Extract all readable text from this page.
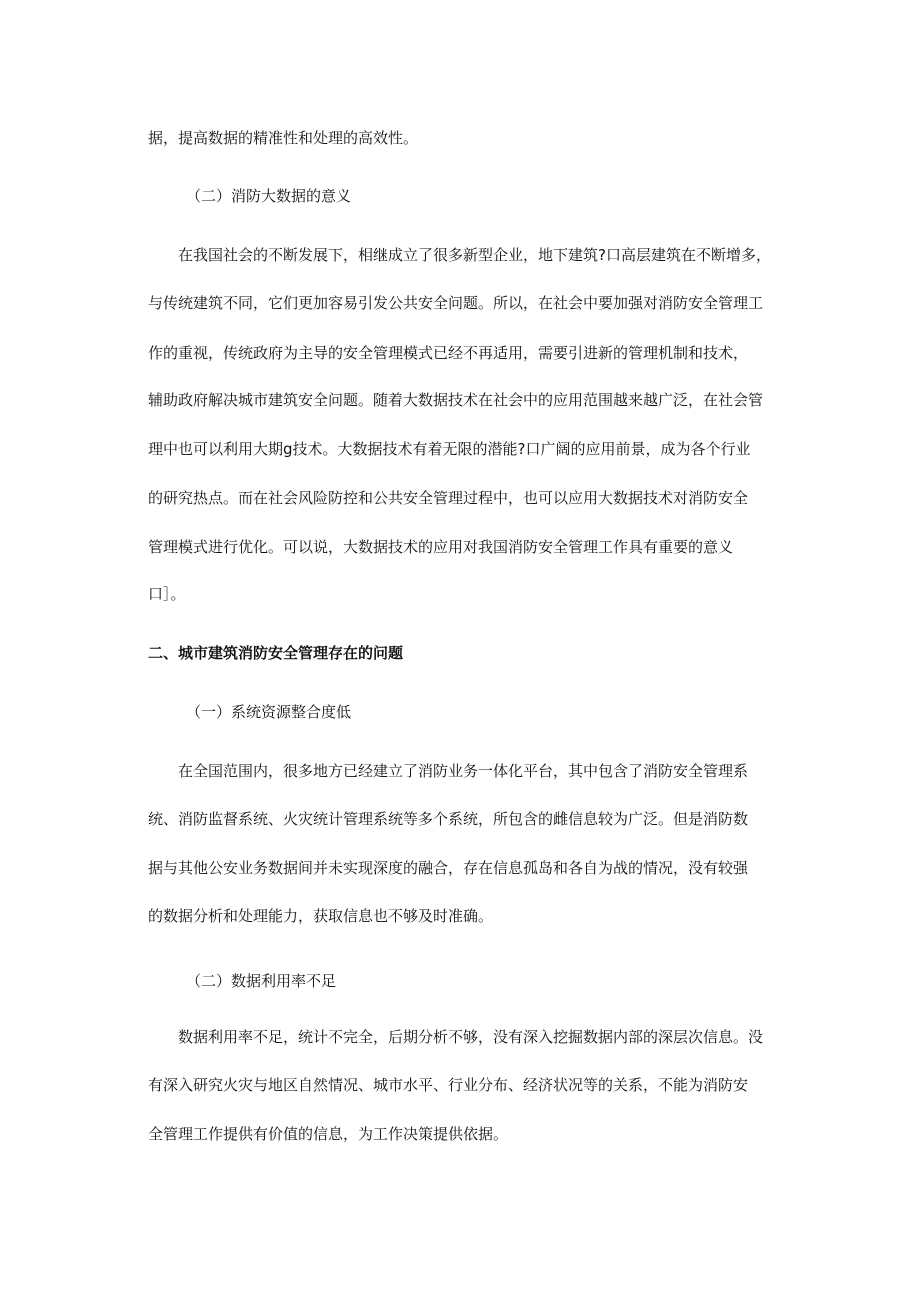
据，提高数据的精准性和处理的高效性。
（二）消防大数据的意义
在我国社会的不断发展下，相继成立了很多新型企业，地下建筑?口高层建筑在不断增多，
与传统建筑不同，它们更加容易引发公共安全问题。所以，在社会中要加强对消防安全管理工
作的重视，传统政府为主导的安全管理模式已经不再适用，需要引进新的管理机制和技术，
辅助政府解决城市建筑安全问题。随着大数据技术在社会中的应用范围越来越广泛，在社会管
理中也可以利用大期g技术。大数据技术有着无限的潜能?口广阔的应用前景，成为各个行业
的研究热点。而在社会风险防控和公共安全管理过程中，也可以应用大数据技术对消防安全
管理模式进行优化。可以说，大数据技术的应用对我国消防安全管理工作具有重要的意义
口］。
二、城市建筑消防安全管理存在的问题
（一）系统资源整合度低
在全国范围内，很多地方已经建立了消防业务一体化平台，其中包含了消防安全管理系
统、消防监督系统、火灾统计管理系统等多个系统，所包含的雌信息较为广泛。但是消防数
据与其他公安业务数据间并未实现深度的融合，存在信息孤岛和各自为战的情况，没有较强
的数据分析和处理能力，获取信息也不够及时准确。
（二）数据利用率不足
数据利用率不足，统计不完全，后期分析不够，没有深入挖掘数据内部的深层次信息。没
有深入研究火灾与地区自然情况、城市水平、行业分布、经济状况等的关系，不能为消防安
全管理工作提供有价值的信息，为工作决策提供依据。
